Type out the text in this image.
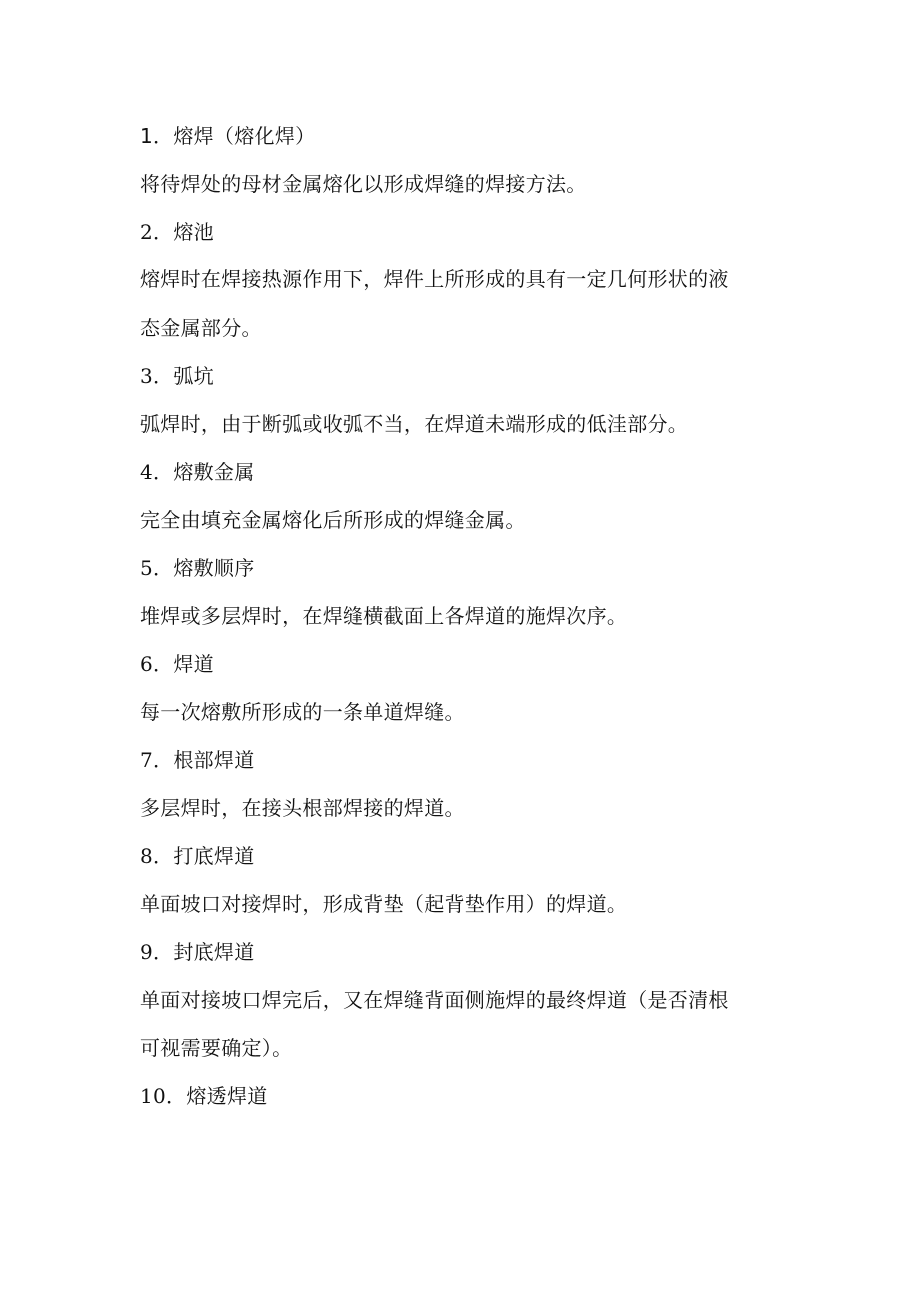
1．熔焊（熔化焊）
将待焊处的母材金属熔化以形成焊缝的焊接方法。
2．熔池
熔焊时在焊接热源作用下，焊件上所形成的具有一定几何形状的液
态金属部分。
3．弧坑
弧焊时，由于断弧或收弧不当，在焊道未端形成的低洼部分。
4．熔敷金属
完全由填充金属熔化后所形成的焊缝金属。
5．熔敷顺序
堆焊或多层焊时，在焊缝横截面上各焊道的施焊次序。
6．焊道
每一次熔敷所形成的一条单道焊缝。
7．根部焊道
多层焊时，在接头根部焊接的焊道。
8．打底焊道
单面坡口对接焊时，形成背垫（起背垫作用）的焊道。
9．封底焊道
单面对接坡口焊完后，又在焊缝背面侧施焊的最终焊道（是否清根
可视需要确定）。
10．熔透焊道
